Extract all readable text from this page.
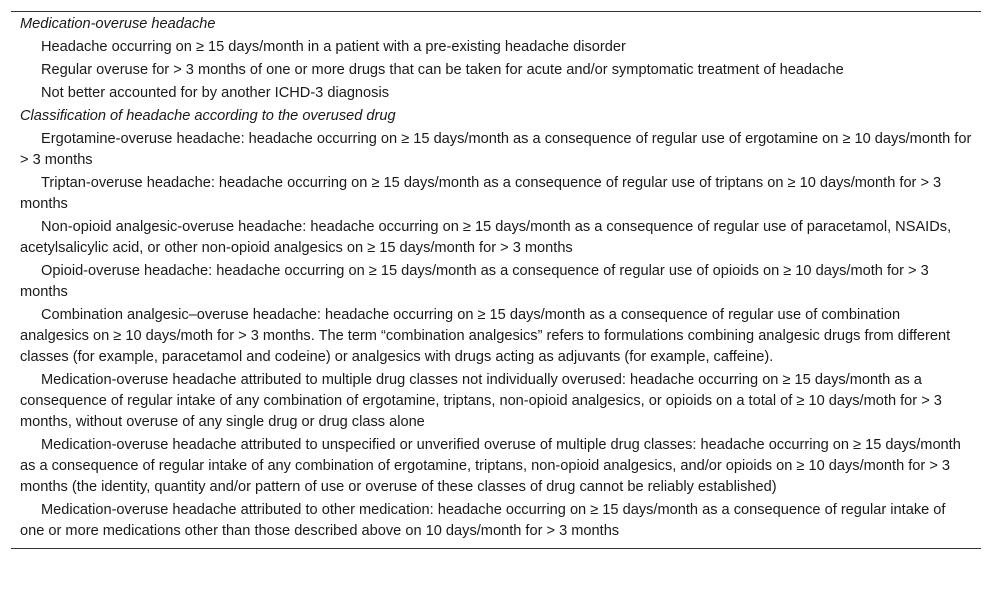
Medication-overuse headache
Headache occurring on ≥ 15 days/month in a patient with a pre-existing headache disorder
Regular overuse for > 3 months of one or more drugs that can be taken for acute and/or symptomatic treatment of headache
Not better accounted for by another ICHD-3 diagnosis
Classification of headache according to the overused drug
Ergotamine-overuse headache: headache occurring on ≥ 15 days/month as a consequence of regular use of ergotamine on ≥ 10 days/month for > 3 months
Triptan-overuse headache: headache occurring on ≥ 15 days/month as a consequence of regular use of triptans on ≥ 10 days/month for > 3 months
Non-opioid analgesic-overuse headache: headache occurring on ≥ 15 days/month as a consequence of regular use of paracetamol, NSAIDs, acetylsalicylic acid, or other non-opioid analgesics on ≥ 15 days/month for > 3 months
Opioid-overuse headache: headache occurring on ≥ 15 days/month as a consequence of regular use of opioids on ≥ 10 days/moth for > 3 months
Combination analgesic–overuse headache: headache occurring on ≥ 15 days/month as a consequence of regular use of combination analgesics on ≥ 10 days/moth for > 3 months. The term “combination analgesics” refers to formulations combining analgesic drugs from different classes (for example, paracetamol and codeine) or analgesics with drugs acting as adjuvants (for example, caffeine).
Medication-overuse headache attributed to multiple drug classes not individually overused: headache occurring on ≥ 15 days/month as a consequence of regular intake of any combination of ergotamine, triptans, non-opioid analgesics, or opioids on a total of ≥ 10 days/moth for > 3 months, without overuse of any single drug or drug class alone
Medication-overuse headache attributed to unspecified or unverified overuse of multiple drug classes: headache occurring on ≥ 15 days/month as a consequence of regular intake of any combination of ergotamine, triptans, non-opioid analgesics, and/or opioids on ≥ 10 days/month for > 3 months (the identity, quantity and/or pattern of use or overuse of these classes of drug cannot be reliably established)
Medication-overuse headache attributed to other medication: headache occurring on ≥ 15 days/month as a consequence of regular intake of one or more medications other than those described above on 10 days/month for > 3 months
